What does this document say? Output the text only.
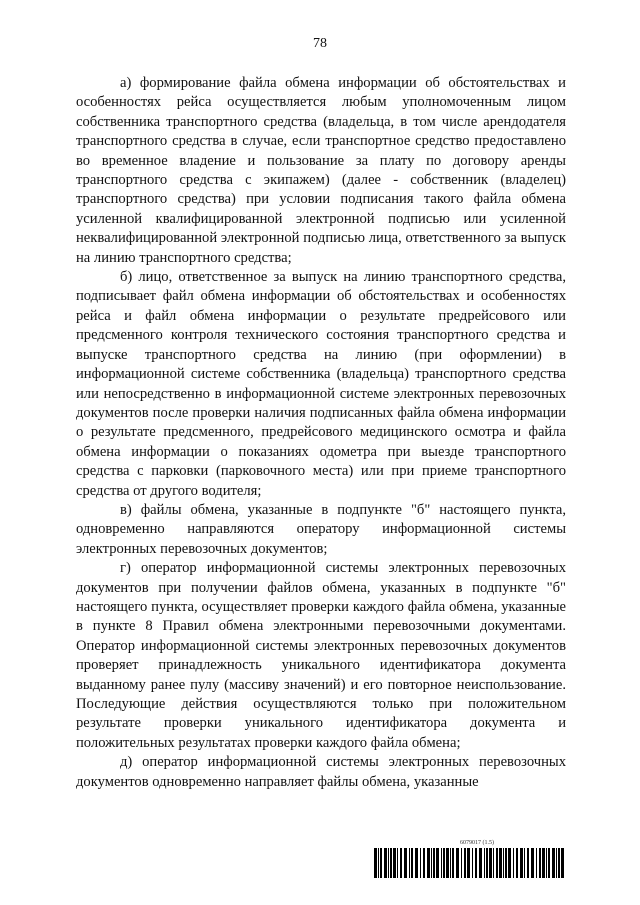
78

а) формирование файла обмена информации об обстоятельствах и особенностях рейса осуществляется любым уполномоченным лицом собственника транспортного средства (владельца, в том числе арендодателя транспортного средства в случае, если транспортное средство предоставлено во временное владение и пользование за плату по договору аренды транспортного средства с экипажем) (далее - собственник (владелец) транспортного средства) при условии подписания такого файла обмена усиленной квалифицированной электронной подписью или усиленной неквалифицированной электронной подписью лица, ответственного за выпуск на линию транспортного средства;

б) лицо, ответственное за выпуск на линию транспортного средства, подписывает файл обмена информации об обстоятельствах и особенностях рейса и файл обмена информации о результате предрейсового или предсменного контроля технического состояния транспортного средства и выпуске транспортного средства на линию (при оформлении) в информационной системе собственника (владельца) транспортного средства или непосредственно в информационной системе электронных перевозочных документов после проверки наличия подписанных файла обмена информации о результате предсменного, предрейсового медицинского осмотра и файла обмена информации о показаниях одометра при выезде транспортного средства с парковки (парковочного места) или при приеме транспортного средства от другого водителя;

в) файлы обмена, указанные в подпункте "б" настоящего пункта, одновременно направляются оператору информационной системы электронных перевозочных документов;

г) оператор информационной системы электронных перевозочных документов при получении файлов обмена, указанных в подпункте "б" настоящего пункта, осуществляет проверки каждого файла обмена, указанные в пункте 8 Правил обмена электронными перевозочными документами. Оператор информационной системы электронных перевозочных документов проверяет принадлежность уникального идентификатора документа выданному ранее пулу (массиву значений) и его повторное неиспользование. Последующие действия осуществляются только при положительном результате проверки уникального идентификатора документа и положительных результатах проверки каждого файла обмена;

д) оператор информационной системы электронных перевозочных документов одновременно направляет файлы обмена, указанные

6079017 (1.5)
